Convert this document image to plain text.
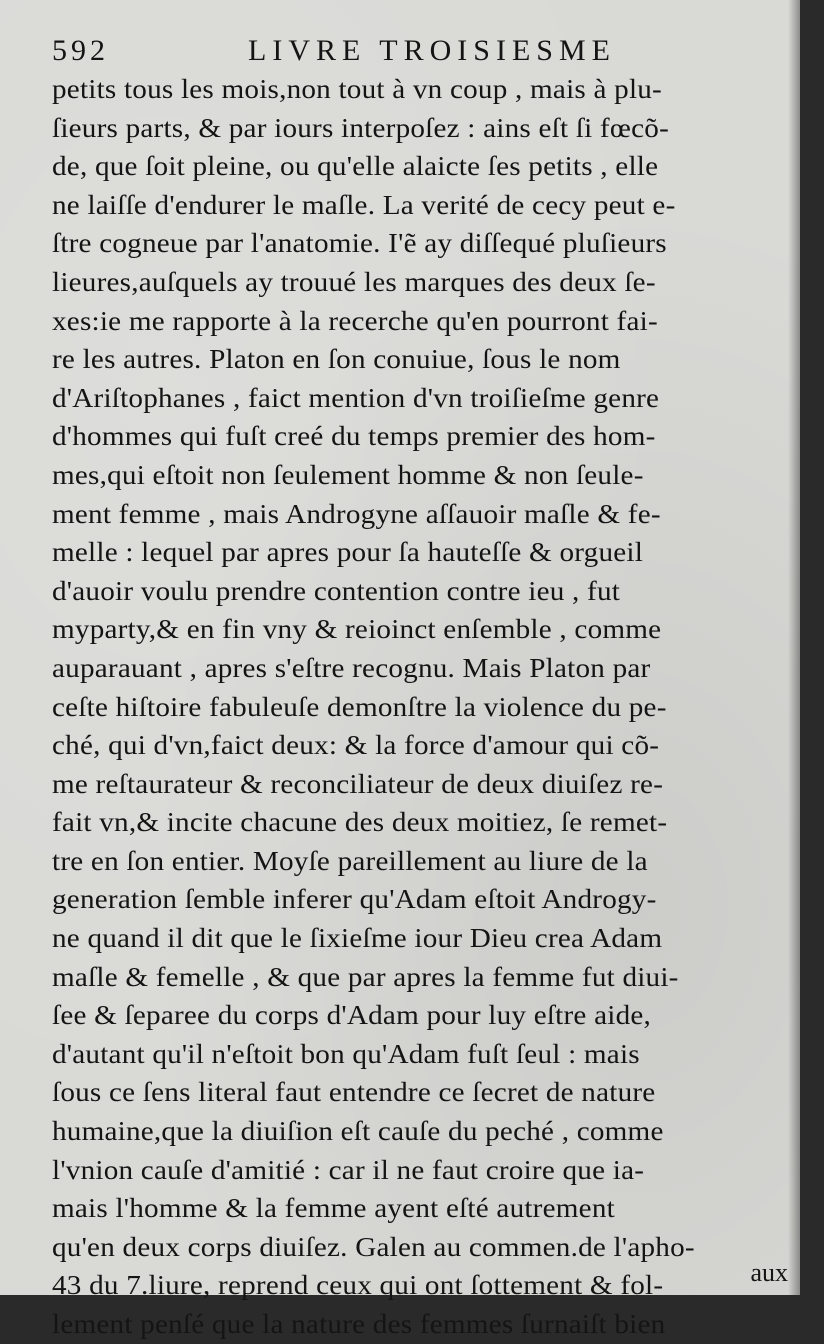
592	LIVRE TROISIESME
petits tous les mois,non tout à vn coup , mais à plu-
ſieurs parts, & par iours interpoſez : ains eſt ſi fœcõ-
de, que ſoit pleine, ou qu'elle alaicte ſes petits , elle
ne laiſſe d'endurer le maſle. La verité de cecy peut e-
ſtre cogneue par l'anatomie. I'ẽ ay diſſequé pluſieurs
lieures,auſquels ay trouué les marques des deux ſe-
xes:ie me rapporte à la recerche qu'en pourront fai-
re les autres. Platon en ſon conuiue, ſous le nom
d'Ariſtophanes , faict mention d'vn troiſieſme genre
d'hommes qui fuſt creé du temps premier des hom-
mes,qui eſtoit non ſeulement homme & non ſeule-
ment femme , mais Androgyne aſſauoir maſle & fe-
melle : lequel par apres pour ſa hauteſſe & orgueil
d'auoir voulu prendre contention contre ieu , fut
myparty,& en fin vny & reioinct enſemble , comme
auparauant , apres s'eſtre recognu. Mais Platon par
ceſte hiſtoire fabuleuſe demonſtre la violence du pe-
ché, qui d'vn,faict deux: & la force d'amour qui cõ-
me reſtaurateur & reconciliateur de deux diuiſez re-
fait vn,& incite chacune des deux moitiez, ſe remet-
tre en ſon entier. Moyſe pareillement au liure de la
generation ſemble inferer qu'Adam eſtoit Androgy-
ne quand il dit que le ſixieſme iour Dieu crea Adam
maſle & femelle , & que par apres la femme fut diui-
ſee & ſeparee du corps d'Adam pour luy eſtre aide,
d'autant qu'il n'eſtoit bon qu'Adam fuſt ſeul : mais
ſous ce ſens literal faut entendre ce ſecret de nature
humaine,que la diuiſion eſt cauſe du peché , comme
l'vnion cauſe d'amitié : car il ne faut croire que ia-
mais l'homme & la femme ayent eſté autrement
qu'en deux corps diuiſez. Galen au commen.de l'apho-
43 du 7.liure, reprend ceux qui ont ſottement & fol-
lement penſé que la nature des femmes ſurnaiſt bien
aux
